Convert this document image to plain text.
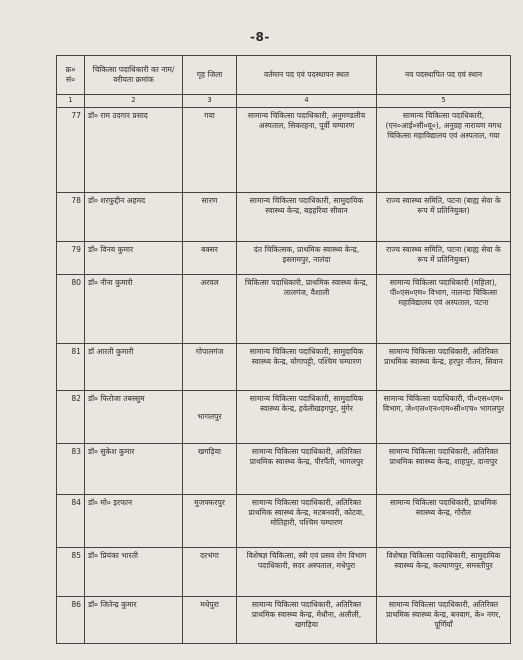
-8-
क्र० सं०	चिकित्सा पदाधिकारी का नाम/वरीयता क्रमांक	गृह जिला	वर्तमान पद एवं पदस्थापन स्थल	नव पदस्थापित पद एवं स्थान
1	2	3	4	5
77	डॉ० राम उदगार प्रसाद	गया	सामान्य चिकित्सा पदाधिकारी, अनुमण्डलीय अस्पताल, सिकरहना, पूर्वी चम्पारण	सामान्य चिकित्सा पदाधिकारी, (एन०आई०सी०यू०), अनुग्रह नारायण मगध चिकित्सा महाविद्यालय एवं अस्पताल, गया
78	डॉ० शरफुद्दीन अहमद	सारण	सामान्य चिकित्सा पदाधिकारी, सामुदायिक स्वास्थ्य केन्द्र, बड़हरिया सीवान	राज्य स्वास्थ्य समिति, पटना (बाह्य सेवा के रूप में प्रतिनियुक्त)
79	डॉ० विनय कुमार	बक्सर	दंत चिकित्सक, प्राथमिक स्वास्थ्य केन्द्र, इस्लामपुर, नालंदा	राज्य स्वास्थ्य समिति, पटना (बाह्य सेवा के रूप में प्रतिनियुक्त)
80	डॉ० नीना कुमारी	अरवल	चिकित्सा पदाधिकारी, प्राथमिक स्वास्थ्य केन्द्र, लालगंज, वैशाली	सामान्य चिकित्सा पदाधिकारी (महिला), पी०एस०एम० विभाग, नालन्दा चिकित्सा महाविद्यालय एवं अस्पताल, पटना
81	डॉ आरती कुमारी	गोपालगंज	सामान्य चिकित्सा पदाधिकारी, सामुदायिक स्वास्थ्य केन्द्र, योगापट्टी, पश्चिम चम्पारण	सामान्य चिकित्सा पदाधिकारी, अतिरिक्त प्राथमिक स्वास्थ्य केन्द्र, हरपुर नौतन, सिवान
82	डॉ० फिरोजा तबस्सुम	भागलपुर	सामान्य चिकित्सा पदाधिकारी, सामुदायिक स्वास्थ्य केन्द्र, हवेलीखड़गपुर, मुंगेर	सामान्य चिकित्सा पदाधिकारी, पी०एस०एम० विभाग, जे०एल०एन०एम०सी०एच० भागलपुर
83	डॉ० सुकेश कुमार	खगड़िया	सामान्य चिकित्सा पदाधिकारी, अतिरिक्त प्राथमिक स्वास्थ्य केन्द्र, पीरपैंती, भागलपुर	सामान्य चिकित्सा पदाधिकारी, अतिरिक्त प्राथमिक स्वास्थ्य केन्द्र, शाहपुर, दानापुर
84	डॉ० मो० इरफान	मुजफ्फरपुर	सामान्य चिकित्सा पदाधिकारी, अतिरिक्त प्राथमिक स्वास्थ्य केन्द्र, मटबनवरी, कोटवा, मोतिहारी, पश्चिम चम्पारण	सामान्य चिकित्सा पदाधिकारी, प्राथमिक स्वास्थ्य केन्द्र, गोरौल
85	डॉ० प्रियंका भारती	दरभंगा	विशेषज्ञ चिकित्सा, स्त्री एवं प्रसव रोग विभाग पदाधिकारी, सदर अस्पताल, मधेपुरा	विशेषज्ञ चिकित्सा पदाधिकारी, सामुदायिक स्वास्थ्य केन्द्र, कल्याणपुर, समस्तीपुर
86	डॉ० जितेन्द्र कुमार	मधेपुरा	सामान्य चिकित्सा पदाधिकारी, अतिरिक्त प्राथमिक स्वास्थ्य केन्द्र, मेधौना, अलौली, खगड़िया	सामान्य चिकित्सा पदाधिकारी, अतिरिक्त प्राथमिक स्वास्थ्य केन्द्र, बनवाग, के० नगर, पूर्णियाँ
